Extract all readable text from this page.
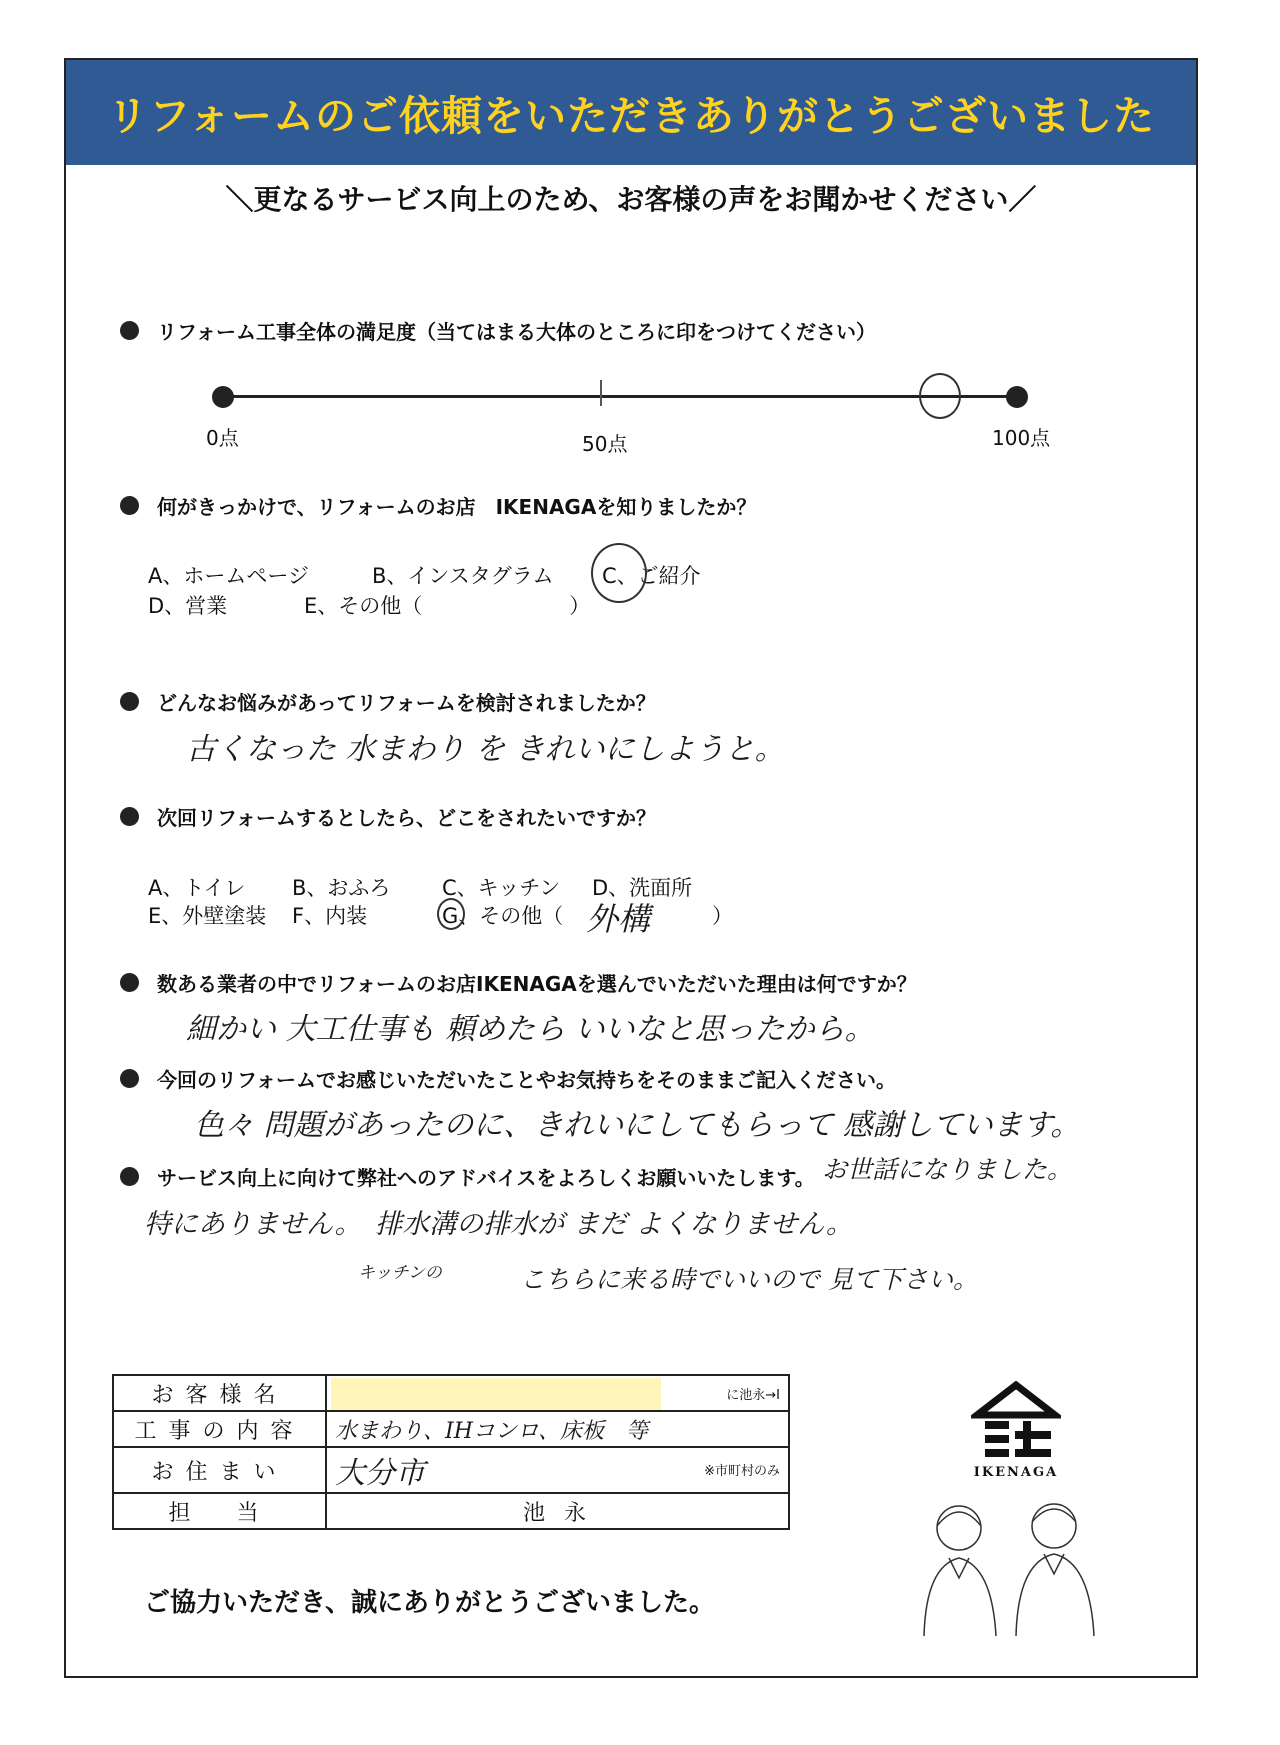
リフォームのご依頼をいただきありがとうございました
＼更なるサービス向上のため、お客様の声をお聞かせください／
リフォーム工事全体の満足度（当てはまる大体のところに印をつけてください）
0点	50点	100点
何がきっかけで、リフォームのお店　IKENAGAを知りましたか？
A、ホームページ	B、インスタグラム C、ご紹介
D、営業	E、その他（　　　　　　　）
どんなお悩みがあってリフォームを検討されましたか？
古くなった 水まわり を きれいにしようと。
次回リフォームするとしたら、どこをされたいですか？
A、トイレ B、おふろ C、キッチン D、洗面所
E、外壁塗装 F、内装	G、その他（ 外構	）
数ある業者の中でリフォームのお店IKENAGAを選んでいただいた理由は何ですか？
細かい 大工仕事も 頼めたら いいなと思ったから。
今回のリフォームでお感じいただいたことやお気持ちをそのままご記入ください。
色々 問題があったのに、きれいにしてもらって 感謝しています。
サービス向上に向けて弊社へのアドバイスをよろしくお願いいたします。 お世話になりました。
特にありません。　排水溝の排水が まだ よくなりません。
キッチンの	こちらに来る時でいいので 見て下さい。
お客様名	に池永→Ⅰ

工事の内容	水まわり、IHコンロ、床板　等
お住まい	大分市 ※市町村のみ

担　当	池 永
IKENAGA
ご協力いただき、誠にありがとうございました。
